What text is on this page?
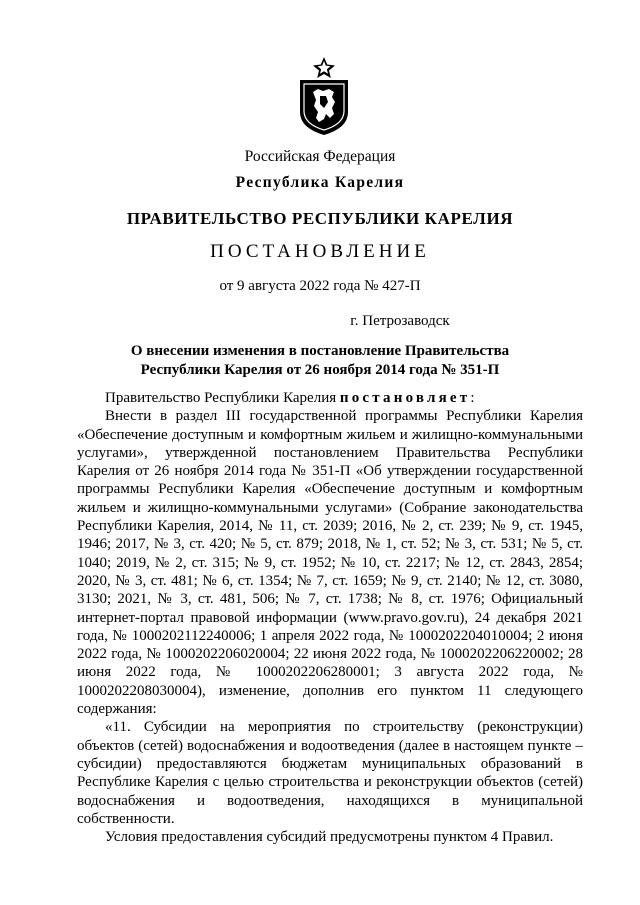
Российская Федерация
Республика Карелия
ПРАВИТЕЛЬСТВО РЕСПУБЛИКИ КАРЕЛИЯ
ПОСТАНОВЛЕНИЕ
от 9 августа 2022 года № 427-П
г. Петрозаводск
О внесении изменения в постановление Правительства
Республики Карелия от 26 ноября 2014 года № 351-П

Правительство Республики Карелия постановляет:

Внести в раздел III государственной программы Республики Карелия «Обеспечение доступным и комфортным жильем и жилищно-коммунальными услугами», утвержденной постановлением Правительства Республики Карелия от 26 ноября 2014 года № 351-П «Об утверждении государственной программы Республики Карелия «Обеспечение доступным и комфортным жильем и жилищно-коммунальными услугами» (Собрание законодательства Республики Карелия, 2014, № 11, ст. 2039; 2016, № 2, ст. 239; № 9, ст. 1945, 1946; 2017, № 3, ст. 420; № 5, ст. 879; 2018, № 1, ст. 52; № 3, ст. 531; № 5, ст. 1040; 2019, № 2, ст. 315; № 9, ст. 1952; № 10, ст. 2217; № 12, ст. 2843, 2854; 2020, № 3, ст. 481; № 6, ст. 1354; № 7, ст. 1659; № 9, ст. 2140; № 12, ст. 3080, 3130; 2021, № 3, ст. 481, 506; № 7, ст. 1738; № 8, ст. 1976; Официальный интернет-портал правовой информации (www.pravo.gov.ru), 24 декабря 2021 года, № 1000202112240006; 1 апреля 2022 года, № 1000202204010004; 2 июня 2022 года, № 1000202206020004; 22 июня 2022 года, № 1000202206220002; 28 июня 2022 года, № 1000202206280001; 3 августа 2022 года, № 1000202208030004), изменение, дополнив его пунктом 11 следующего содержания:

«11. Субсидии на мероприятия по строительству (реконструкции) объектов (сетей) водоснабжения и водоотведения (далее в настоящем пункте – субсидии) предоставляются бюджетам муниципальных образований в Республике Карелия с целью строительства и реконструкции объектов (сетей) водоснабжения и водоотведения, находящихся в муниципальной собственности.

Условия предоставления субсидий предусмотрены пунктом 4 Правил.
